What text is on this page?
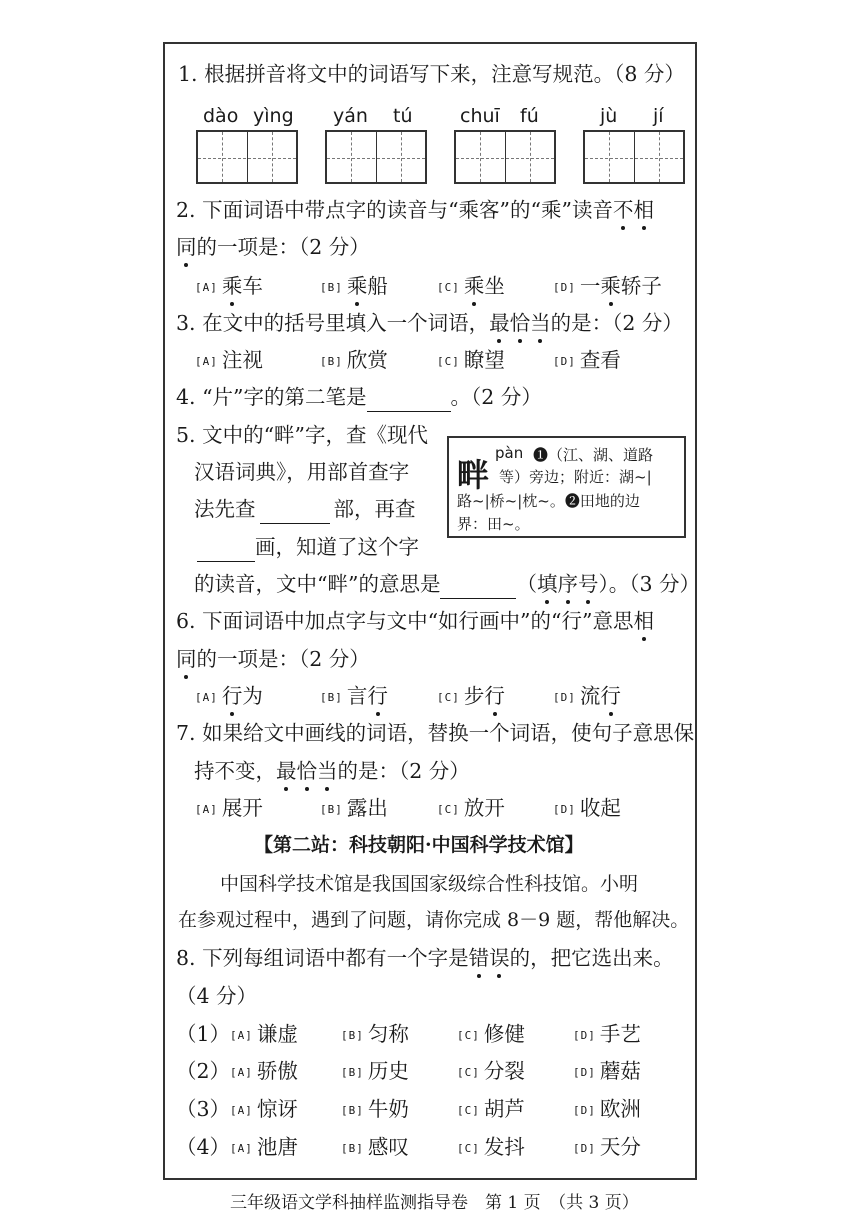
1. 根据拼音将文中的词语写下来，注意写规范。（8 分）
dào yìng yán tú	chuī fú	jù jí
2. 下面词语中带点字的读音与“乘客”的“乘”读音不相
同的一项是：（2 分）
[A] 乘车	[B] 乘船	[C] 乘坐	[D] 一乘轿子
3. 在文中的括号里填入一个词语，最恰当的是：（2 分）
[A] 注视	[B] 欣赏	[C] 瞭望	[D] 查看
4. “片”字的第二笔是	。（2 分）
5. 文中的“畔”字，查《现代
汉语词典》，用部首查字
法先查	部，再查
画，知道了这个字
的读音，文中“畔”的意思是	（填序号）。（3 分）
畔
pàn ❶（江、湖、道路
等）旁边；附近：湖~|
路~|桥~|枕~。❷田地的边
界：田~。
6. 下面词语中加点字与文中“如行画中”的“行”意思相
同的一项是：（2 分）
[A] 行为	[B] 言行	[C] 步行	[D] 流行
7. 如果给文中画线的词语，替换一个词语，使句子意思保
持不变，最恰当的是：（2 分）
[A] 展开	[B] 露出	[C] 放开	[D] 收起
【第二站：科技朝阳·中国科学技术馆】
中国科学技术馆是我国国家级综合性科技馆。小明
在参观过程中，遇到了问题，请你完成 8－9 题，帮他解决。
8. 下列每组词语中都有一个字是错误的，把它选出来。
（4 分）
（1）[A] 谦虚	[B] 匀称	[C] 修健	[D] 手艺
（2）[A] 骄傲	[B] 历史	[C] 分裂	[D] 蘑菇
（3）[A] 惊讶	[B] 牛奶	[C] 胡芦	[D] 欧洲
（4）[A] 池唐	[B] 感叹	[C] 发抖	[D] 天分
三年级语文学科抽样监测指导卷　第 1 页　（共 3 页）
